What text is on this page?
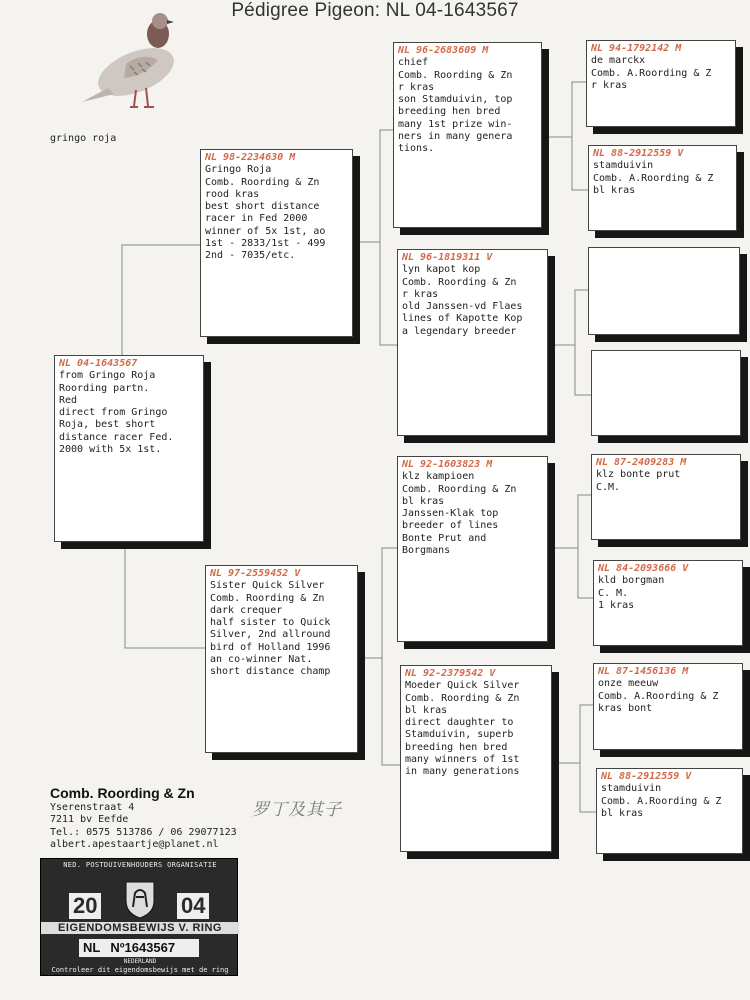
Pédigree Pigeon: NL 04-1643567
gringo roja
NL 04-1643567
from Gringo Roja
Roording partn.
Red
direct from Gringo
Roja, best short
distance racer Fed.
2000 with 5x 1st.
NL 98-2234630 M
Gringo Roja
Comb. Roording & Zn
rood kras
best short distance
racer in Fed 2000
winner of 5x 1st, ao
1st - 2833/1st - 499
2nd - 7035/etc.
NL 97-2559452 V
Sister Quick Silver
Comb. Roording & Zn
dark crequer
half sister to Quick
Silver, 2nd allround
bird of Holland 1996
an co-winner Nat.
short distance champ
NL 96-2683609 M
chief
Comb. Roording & Zn
r kras
son Stamduivin, top
breeding hen bred
many 1st prize win-
ners in many genera
tions.
NL 96-1819311 V
lyn kapot kop
Comb. Roording & Zn
r kras
old Janssen-vd Flaes
lines of Kapotte Kop
a legendary breeder
NL 92-1603823 M
klz kampioen
Comb. Roording & Zn
bl kras
Janssen-Klak top
breeder of lines
Bonte Prut and
Borgmans
NL 92-2379542 V
Moeder Quick Silver
Comb. Roording & Zn
bl kras
direct daughter to
Stamduivin, superb
breeding hen bred
many winners of 1st
in many generations
NL 94-1792142 M
de marckx
Comb. A.Roording & Z
r kras
NL 88-2912559 V
stamduivin
Comb. A.Roording & Z
bl kras
NL 87-2409283 M
klz bonte prut
C.M.
NL 84-2093666 V
kld borgman
C. M.
1 kras
NL 87-1456136 M
onze meeuw
Comb. A.Roording & Z
kras bont
NL 88-2912559 V
stamduivin
Comb. A.Roording & Z
bl kras
Comb. Roording & Zn
Yserenstraat 4
7211 bv Eefde
Tel.: 0575 513786 / 06 29077123
albert.apestaartje@planet.nl
罗丁及其子
NED. POSTDUIVENHOUDERS ORGANISATIE
20	04
EIGENDOMSBEWIJS V. RING
NL Nº1643567
NEDERLAND
Controleer dit eigendomsbewijs met de ring
